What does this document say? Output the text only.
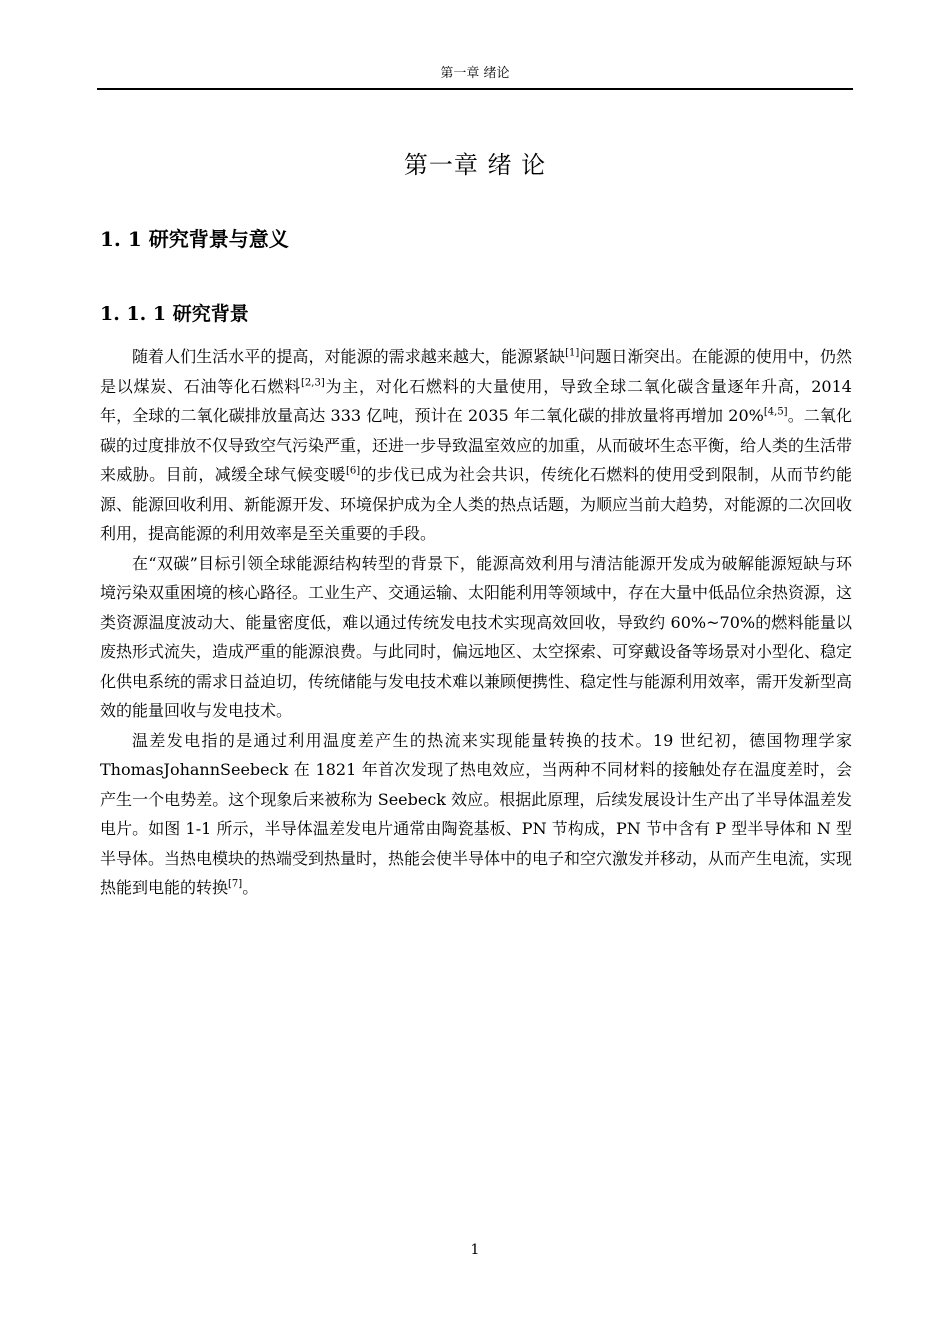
第一章 绪论
第一章 绪 论
1. 1 研究背景与意义
1. 1. 1 研究背景

随着人们生活水平的提高，对能源的需求越来越大，能源紧缺[1]问题日渐突出。在能源的使用中，仍然是以煤炭、石油等化石燃料[2,3]为主，对化石燃料的大量使用，导致全球二氧化碳含量逐年升高，2014 年，全球的二氧化碳排放量高达 333 亿吨，预计在 2035 年二氧化碳的排放量将再增加 20%[4,5]。二氧化碳的过度排放不仅导致空气污染严重，还进一步导致温室效应的加重，从而破坏生态平衡，给人类的生活带来威胁。目前，减缓全球气候变暖[6]的步伐已成为社会共识，传统化石燃料的使用受到限制，从而节约能源、能源回收利用、新能源开发、环境保护成为全人类的热点话题，为顺应当前大趋势，对能源的二次回收利用，提高能源的利用效率是至关重要的手段。

在“双碳”目标引领全球能源结构转型的背景下，能源高效利用与清洁能源开发成为破解能源短缺与环境污染双重困境的核心路径。工业生产、交通运输、太阳能利用等领域中，存在大量中低品位余热资源，这类资源温度波动大、能量密度低，难以通过传统发电技术实现高效回收，导致约 60%~70%的燃料能量以废热形式流失，造成严重的能源浪费。与此同时，偏远地区、太空探索、可穿戴设备等场景对小型化、稳定化供电系统的需求日益迫切，传统储能与发电技术难以兼顾便携性、稳定性与能源利用效率，需开发新型高效的能量回收与发电技术。

温差发电指的是通过利用温度差产生的热流来实现能量转换的技术。19 世纪初，德国物理学家 ThomasJohannSeebeck 在 1821 年首次发现了热电效应，当两种不同材料的接触处存在温度差时，会产生一个电势差。这个现象后来被称为 Seebeck 效应。根据此原理，后续发展设计生产出了半导体温差发电片。如图 1-1 所示，半导体温差发电片通常由陶瓷基板、PN 节构成，PN 节中含有 P 型半导体和 N 型半导体。当热电模块的热端受到热量时，热能会使半导体中的电子和空穴激发并移动，从而产生电流，实现热能到电能的转换[7]。

1
